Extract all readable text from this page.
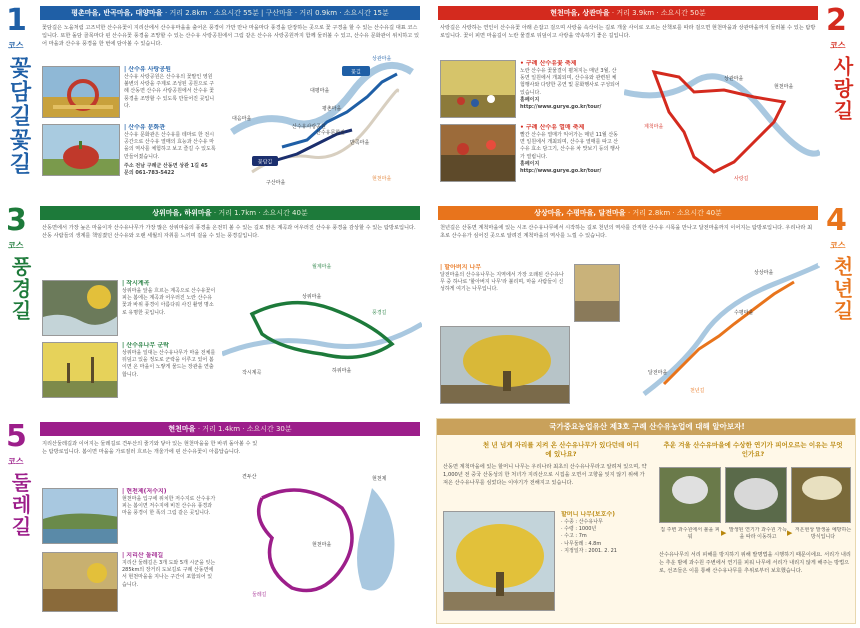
1
코스
꽃담길꽃길
평촌마을, 반곡마을, 대양마을 · 거리 2.8km · 소요시간 55분 | 구산마을 · 거리 0.9km · 소요시간 15분
꽃담길은 노을처럼 고즈넉한 산수유꽃이 지리산에서 산수유마을을 출어온 풍경이 가만 만나 마을마다 풍경을 단장하는 곳으로 꽃 구경을 할 수 있는 산수유길 대표 코스입니다. 또한 돌담 골목마다 핀 산수유꽃 풍경을 조망할 수 있는 산수유 사랑공원에서 그림 같은 산수유 사랑공원까지 함께 둘러볼 수 있고, 산수유 문화관이 위치하고 있어 마을과 산수유 풍경을 한 번에 담아볼 수 있습니다.
| 산수유 사랑공원
산수유 사랑공원은 산수유의 꽃말인 영원불변의 사랑을 주제로 조성된 공원으로 구례 산동면 산수유 사랑공원에서 산수유 꽃 풍경을 조망할 수 있도록 만들어진 곳입니다.
| 산수유 문화관
산수유 문화관은 산수유를 테마로 한 전시 공간으로 산수유 열매의 효능과 산수유 마을의 역사를 체험하고 보고 즐길 수 있도록 만들어졌습니다.
주소 전남 구례군 산동면 상관 1길 45
문의 061-783-5422
꽃길
꽃담길
상관마을
평촌마을
대평마을
반곡마을
산수유사랑공원
산수유문화관
대음마을
구산마을
현천마을
2
코스
사랑길
현천마을, 상관마을 · 거리 3.9km · 소요시간 50분
사랑길은 사랑하는 연인이 산수유꽃 아래 손잡고 걸으며 사랑을 속삭이는 길로 개울 사이로 오르는 산책로를 따라 걸으면 현천마을과 상관마을까지 둘러볼 수 있는 탐방로입니다. 꽃이 피면 마을길이 노란 물결로 뒤덮이고 사랑을 약속하기 좋은 길입니다.
• 구례 산수유꽃 축제
노란 산수유 꽃물결이 펼쳐지는 매년 3월, 산동면 일원에서 개최되며, 산수유와 관련된 체험행사와 다양한 공연 및 문화행사로 구성되어 있습니다.
홈페이지 http://www.gurye.go.kr/tour/
• 구례 산수유 열매 축제
빨간 산수유 열매가 익어가는 매년 11월 산동면 일원에서 개최되며, 산수유 열매를 따고 산수유 효소 담그기, 산수유 차 맛보기 등의 행사가 열립니다.
홈페이지 http://www.gurye.go.kr/tour/
상관마을
현천마을
계척마을
사랑길
3
코스
풍경길
상위마을, 하위마을 · 거리 1.7km · 소요시간 40분
산동면에서 가장 높은 마을이자 산수유나무가 가장 많은 상위마을의 풍경을 온전히 볼 수 있는 길로 맑은 계곡과 어우러진 산수유 풍경을 감상할 수 있는 탐방로입니다. 산동 사람들의 생계를 책임졌던 산수유와 오랜 세월의 자취를 느끼며 걸을 수 있는 풍경길입니다.
| 작시계곡
상위마을 앞을 흐르는 계곡으로 산수유꽃이 피는 봄에는 계곡과 어우러진 노란 산수유꽃과 바위 풍경이 아름다워 사진 촬영 명소로 유명한 곳입니다.
| 산수유나무 군락
상위마을 일대는 산수유나무가 마을 전체를 뒤덮고 있을 정도로 군락을 이루고 있어 봄이면 온 마을이 노랗게 물드는 장관을 연출합니다.
상위마을
하위마을
월계마을
작시계곡
풍경길
4
코스
천년길
상상마을, 수평마을, 달전마을 · 거리 2.8km · 소요시간 40분
천년길은 산동면 계척마을에 있는 시조 산수유나무에서 시작하는 길로 천년의 역사를 간직한 산수유 시목을 만나고 달전마을까지 이어지는 탐방로입니다. 우리나라 최초로 산수유가 심어진 곳으로 알려진 계척마을의 역사를 느낄 수 있습니다.
| 할아버지 나무
달전마을의 산수유나무는 지역에서 가장 오래된 산수유나무 중 하나로 '할아버지 나무'라 불리며, 마을 사람들이 신성하게 여기는 나무입니다.
상상마을
수평마을
달전마을
천년길
5
코스
둘레길
현천마을 · 거리 1.4km · 소요시간 30분
지리산둘레길과 이어지는 둘레길로 견두산의 줄기와 닿아 있는 현천마을을 한 바퀴 돌아볼 수 있는 탐방로입니다. 봄이면 마을을 가로질러 흐르는 개울가에 핀 산수유꽃이 아름답습니다.
| 현천제(저수지)
현천마을 입구에 위치한 저수지로 산수유가 피는 봄이면 저수지에 비친 산수유 풍경과 마을 풍경이 한 폭의 그림 같은 곳입니다.
| 지리산 둘레길
지리산 둘레길은 3개 도와 5개 시군을 잇는 285km의 장거리 도보길로 구례 산동면에서 현천마을을 지나는 구간이 포함되어 있습니다.
현천마을
현천제
견두산
둘레길
국가중요농업유산 제3호 구례 산수유농업에 대해 알아보자!
천 년 넘게 자리를 지켜 온 산수유나무가 있다던데 어디에 있나요?
산동면 계척마을에 있는 할머니 나무는 우리나라 최초의 산수유나무라고 알려져 있으며, 약 1,000년 전 중국 산동성의 한 처녀가 지리산으로 시집을 오면서 고향을 잊지 않기 위해 가져온 산수유나무를 심었다는 이야기가 전해지고 있습니다.
할머니 나무(보호수)
· 수종 : 산수유나무
· 수령 : 1000년
· 수고 : 7m
· 나무둘레 : 4.8m
· 지정일자 : 2001. 2. 21
추운 겨울 산수유마을에 수상한 연기가 피어오르는 이유는 무엇인가요?
집 주변 과수원에서 불을 피워
▶ 발생된 연기가 과수원 가득을 따라 이동하고
▶ 저온현상 발생을 예방하는 방식입니다
산수유나무의 서리 피해를 방지하기 위해 발명법을 시행하기 때문이에요. 서리가 내리는 추운 밤에 과수원 주변에서 연기를 피워 나무에 서리가 내리지 않게 해주는 방법으로, 선조들은 이를 통해 산수유나무를 추위로부터 보호했습니다.
